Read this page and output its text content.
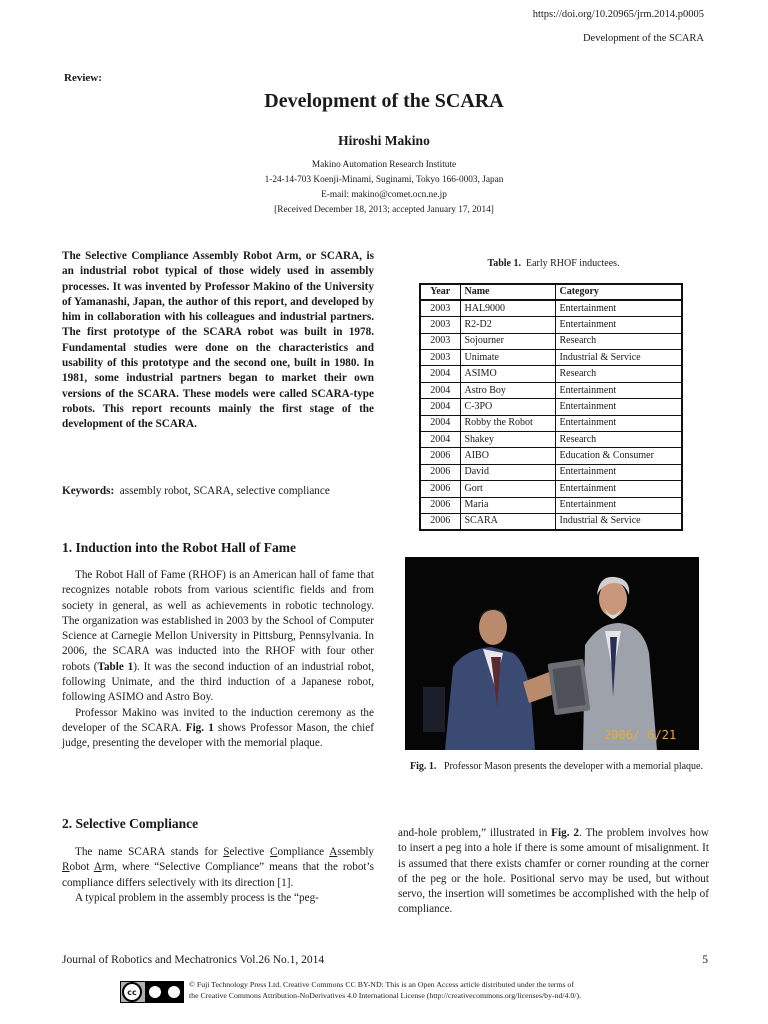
https://doi.org/10.20965/jrm.2014.p0005
Development of the SCARA
Review:
Development of the SCARA
Hiroshi Makino
Makino Automation Research Institute
1-24-14-703 Koenji-Minami, Suginami, Tokyo 166-0003, Japan
E-mail: makino@comet.ocn.ne.jp
[Received December 18, 2013; accepted January 17, 2014]
The Selective Compliance Assembly Robot Arm, or SCARA, is an industrial robot typical of those widely used in assembly processes. It was invented by Professor Makino of the University of Yamanashi, Japan, the author of this report, and developed by him in collaboration with his colleagues and industrial partners. The first prototype of the SCARA robot was built in 1978. Fundamental studies were done on the characteristics and usability of this prototype and the second one, built in 1980. In 1981, some industrial partners began to market their own versions of the SCARA. These models were called SCARA-type robots. This report recounts mainly the first stage of the development of the SCARA.
Keywords: assembly robot, SCARA, selective compliance
1. Induction into the Robot Hall of Fame

The Robot Hall of Fame (RHOF) is an American hall of fame that recognizes notable robots from various scientific fields and from society in general, as well as achievements in robotic technology. The organization was established in 2003 by the School of Computer Science at Carnegie Mellon University in Pittsburg, Pennsylvania. In 2006, the SCARA was inducted into the RHOF with four other robots (Table 1). It was the second induction of an industrial robot, following Unimate, and the third induction of a Japanese robot, following ASIMO and Astro Boy.

Professor Makino was invited to the induction ceremony as the developer of the SCARA. Fig. 1 shows Professor Mason, the chief judge, presenting the developer with the memorial plaque.

2. Selective Compliance

The name SCARA stands for Selective Compliance Assembly Robot Arm, where “Selective Compliance” means that the robot’s compliance differs selectively with its direction [1].

A typical problem in the assembly process is the “peg-

and-hole problem,” illustrated in Fig. 2. The problem involves how to insert a peg into a hole if there is some amount of misalignment. It is assumed that there exists chamfer or corner rounding at the corner of the peg or the hole. Positional servo may be used, but without servo, the insertion will sometimes be accomplished with the help of compliance.
Table 1. Early RHOF inductees.
Year	Name	Category
2003	HAL9000	Entertainment
2003	R2-D2	Entertainment
2003	Sojourner	Research
2003	Unimate	Industrial & Service
2004	ASIMO	Research
2004	Astro Boy	Entertainment
2004	C-3PO	Entertainment
2004	Robby the Robot	Entertainment
2004	Shakey	Research
2006	AIBO	Education & Consumer
2006	David	Entertainment
2006	Gort	Entertainment
2006	Maria	Entertainment
2006	SCARA	Industrial & Service
2006/ 6/21
Fig. 1. Professor Mason presents the developer with a memorial plaque.
Journal of Robotics and Mechatronics Vol.26 No.1, 2014	5
cc
© Fuji Technology Press Ltd. Creative Commons CC BY-ND: This is an Open Access article distributed under the terms of
the Creative Commons Attribution-NoDerivatives 4.0 International License (http://creativecommons.org/licenses/by-nd/4.0/).
